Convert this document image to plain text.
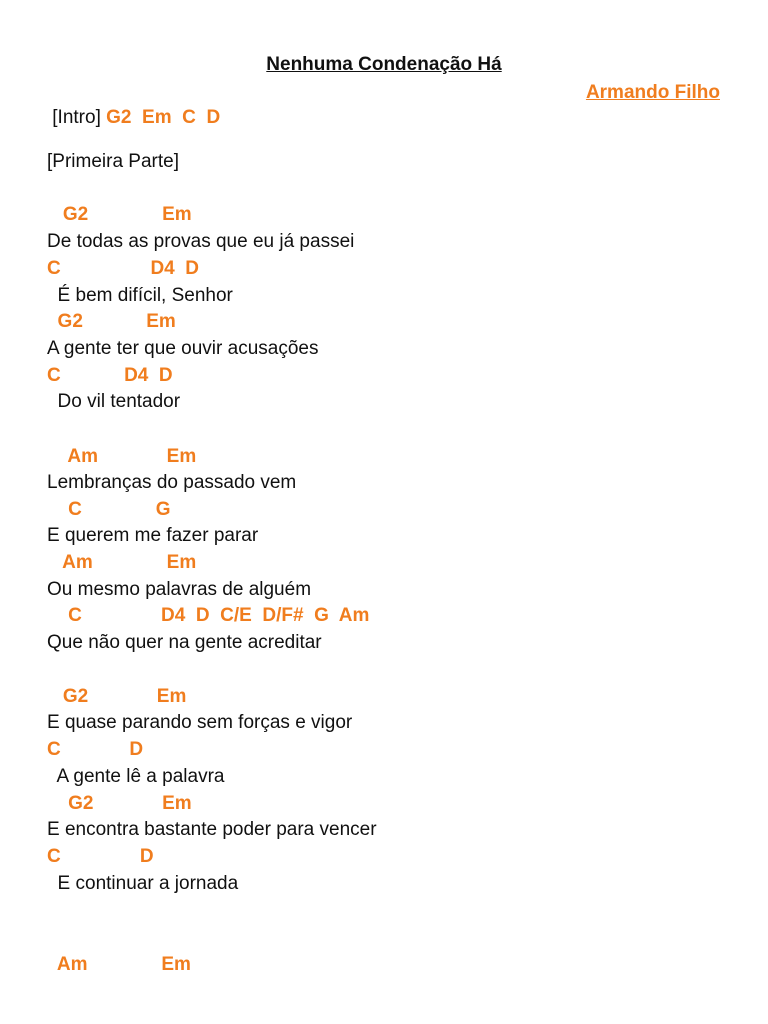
Nenhuma Condenação Há
Armando Filho
[Intro] G2  Em  C  D
[Primeira Parte]
G2              Em
De todas as provas que eu já passei
C                 D4  D
É bem difícil, Senhor
G2            Em
A gente ter que ouvir acusações
C            D4  D
Do vil tentador
Am             Em
Lembranças do passado vem
C              G
E querem me fazer parar
Am              Em
Ou mesmo palavras de alguém
C               D4  D  C/E  D/F#  G  Am
Que não quer na gente acreditar
G2             Em
E quase parando sem forças e vigor
C             D
A gente lê a palavra
G2             Em
E encontra bastante poder para vencer
C               D
E continuar a jornada
Am              Em
